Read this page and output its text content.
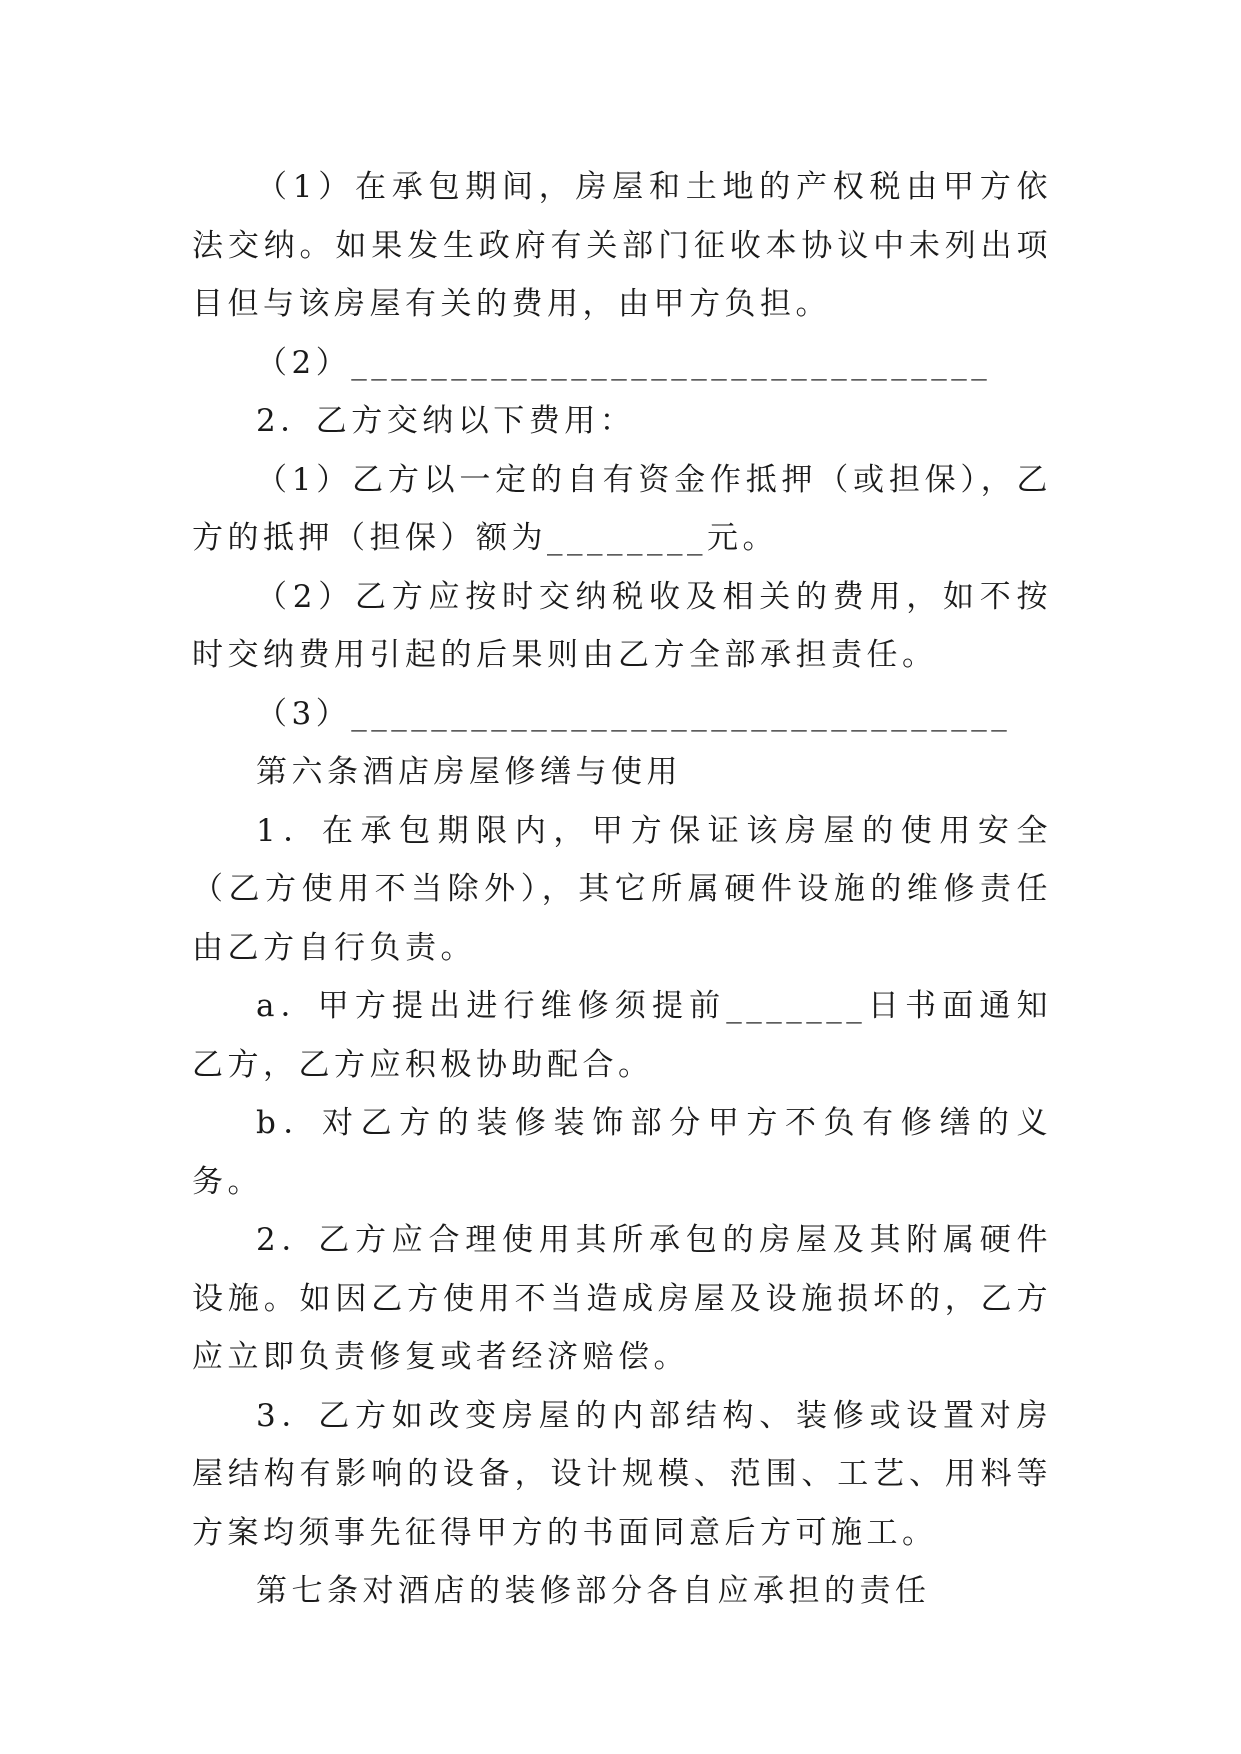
（1）在承包期间，房屋和土地的产权税由甲方依法交纳。如果发生政府有关部门征收本协议中未列出项目但与该房屋有关的费用，由甲方负担。

（2）________________________________

2．乙方交纳以下费用：

（1）乙方以一定的自有资金作抵押（或担保），乙方的抵押（担保）额为________元。

（2）乙方应按时交纳税收及相关的费用，如不按时交纳费用引起的后果则由乙方全部承担责任。

（3）_________________________________

第六条酒店房屋修缮与使用

1．在承包期限内，甲方保证该房屋的使用安全（乙方使用不当除外），其它所属硬件设施的维修责任由乙方自行负责。

a．甲方提出进行维修须提前_______日书面通知乙方，乙方应积极协助配合。

b．对乙方的装修装饰部分甲方不负有修缮的义务。

2．乙方应合理使用其所承包的房屋及其附属硬件设施。如因乙方使用不当造成房屋及设施损坏的，乙方应立即负责修复或者经济赔偿。

3．乙方如改变房屋的内部结构、装修或设置对房屋结构有影响的设备，设计规模、范围、工艺、用料等方案均须事先征得甲方的书面同意后方可施工。

第七条对酒店的装修部分各自应承担的责任
